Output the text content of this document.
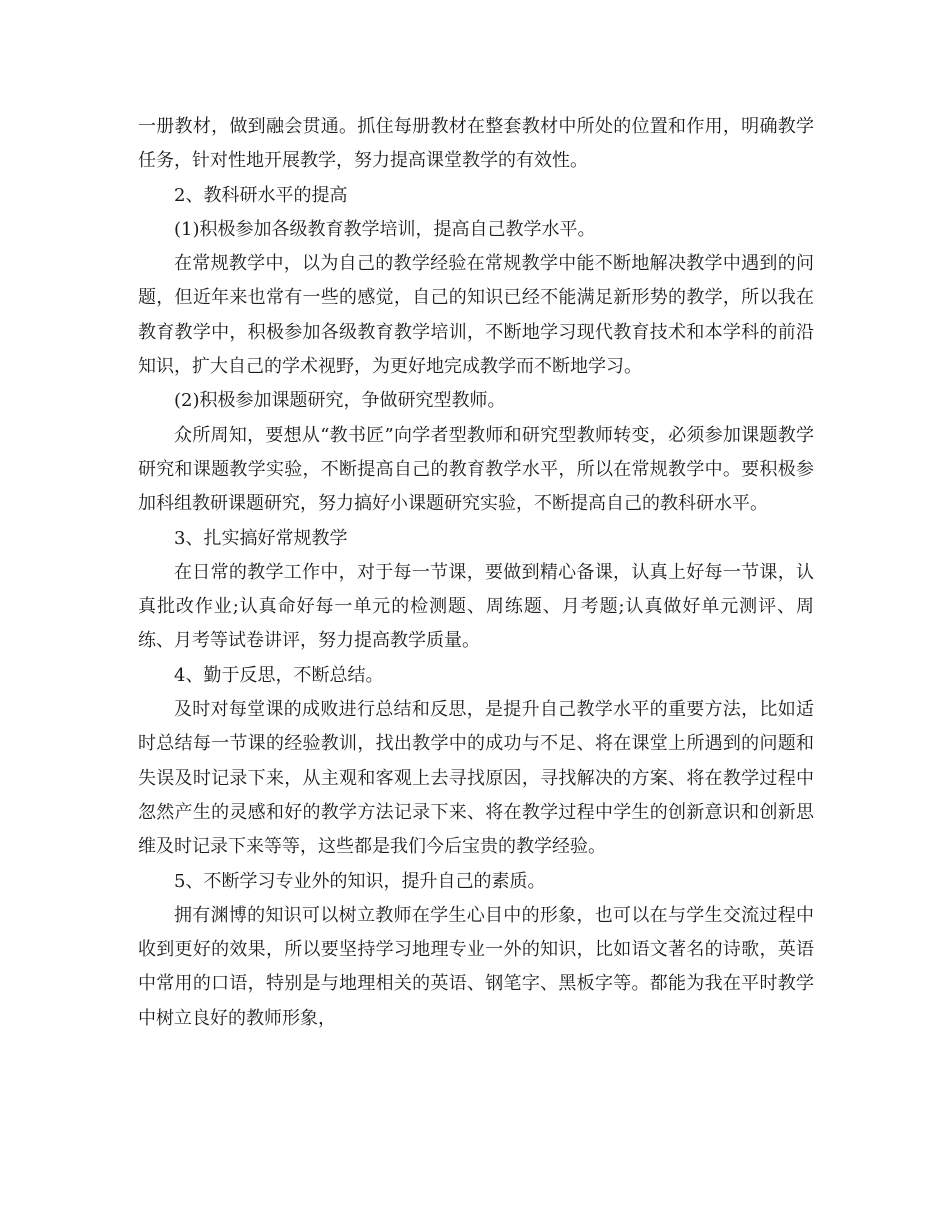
一册教材，做到融会贯通。抓住每册教材在整套教材中所处的位置和作用，明确教学任务，针对性地开展教学，努力提高课堂教学的有效性。

2、教科研水平的提高

(1)积极参加各级教育教学培训，提高自己教学水平。

在常规教学中，以为自己的教学经验在常规教学中能不断地解决教学中遇到的问题，但近年来也常有一些的感觉，自己的知识已经不能满足新形势的教学，所以我在教育教学中，积极参加各级教育教学培训，不断地学习现代教育技术和本学科的前沿知识，扩大自己的学术视野，为更好地完成教学而不断地学习。

(2)积极参加课题研究，争做研究型教师。

众所周知，要想从“教书匠”向学者型教师和研究型教师转变，必须参加课题教学研究和课题教学实验，不断提高自己的教育教学水平，所以在常规教学中。要积极参加科组教研课题研究，努力搞好小课题研究实验，不断提高自己的教科研水平。

3、扎实搞好常规教学

在日常的教学工作中，对于每一节课，要做到精心备课，认真上好每一节课，认真批改作业;认真命好每一单元的检测题、周练题、月考题;认真做好单元测评、周练、月考等试卷讲评，努力提高教学质量。

4、勤于反思，不断总结。

及时对每堂课的成败进行总结和反思，是提升自己教学水平的重要方法，比如适时总结每一节课的经验教训，找出教学中的成功与不足、将在课堂上所遇到的问题和失误及时记录下来，从主观和客观上去寻找原因，寻找解决的方案、将在教学过程中忽然产生的灵感和好的教学方法记录下来、将在教学过程中学生的创新意识和创新思维及时记录下来等等，这些都是我们今后宝贵的教学经验。

5、不断学习专业外的知识，提升自己的素质。

拥有渊博的知识可以树立教师在学生心目中的形象，也可以在与学生交流过程中收到更好的效果，所以要坚持学习地理专业一外的知识，比如语文著名的诗歌，英语中常用的口语，特别是与地理相关的英语、钢笔字、黑板字等。都能为我在平时教学中树立良好的教师形象，
